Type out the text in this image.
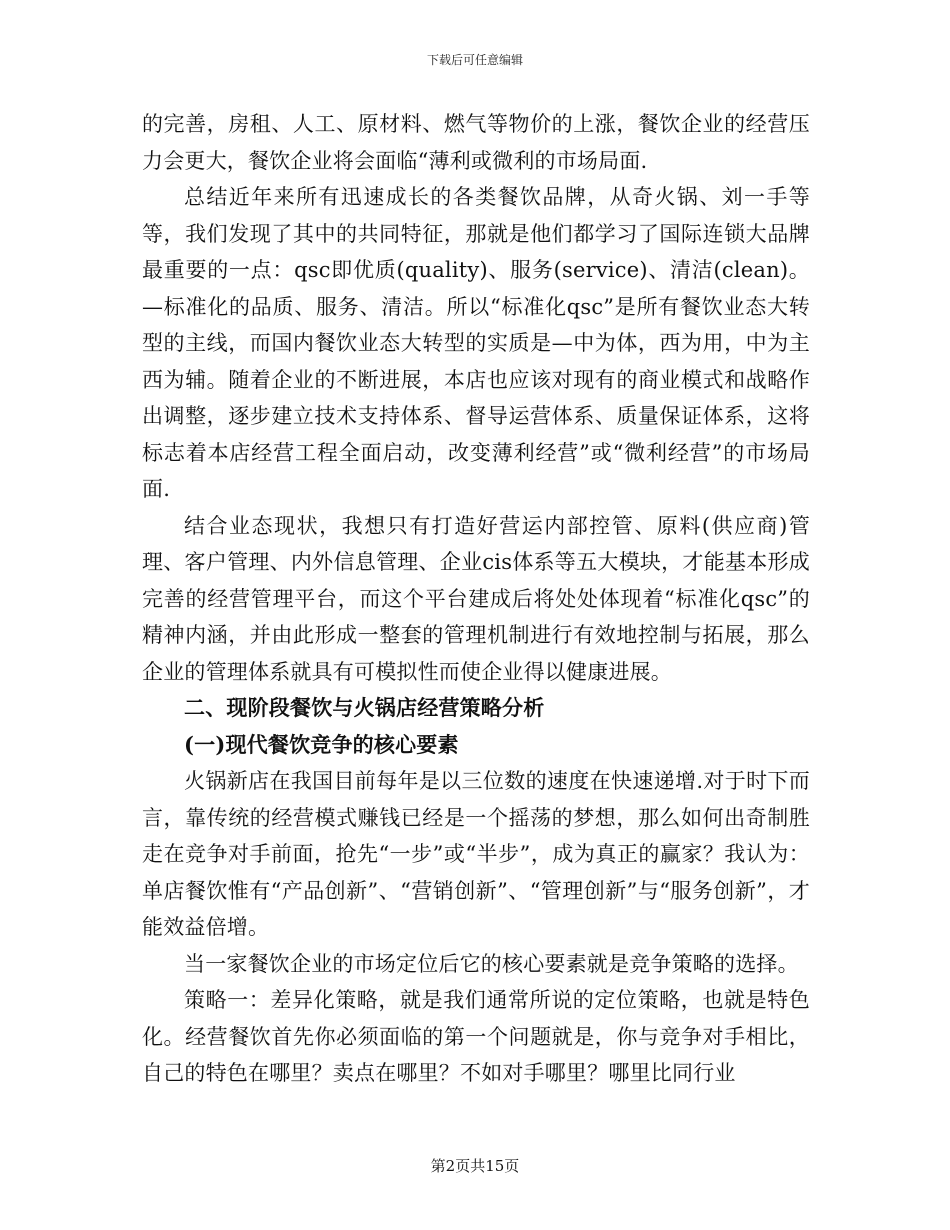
下载后可任意编辑

的完善，房租、人工、原材料、燃气等物价的上涨，餐饮企业的经营压力会更大，餐饮企业将会面临“薄利或微利的市场局面.

总结近年来所有迅速成长的各类餐饮品牌，从奇火锅、刘一手等等，我们发现了其中的共同特征，那就是他们都学习了国际连锁大品牌最重要的一点：qsc即优质(quality)、服务(service)、清洁(clean)。—标准化的品质、服务、清洁。所以“标准化qsc”是所有餐饮业态大转型的主线，而国内餐饮业态大转型的实质是—中为体，西为用，中为主西为辅。随着企业的不断进展，本店也应该对现有的商业模式和战略作出调整，逐步建立技术支持体系、督导运营体系、质量保证体系，这将标志着本店经营工程全面启动，改变薄利经营”或“微利经营”的市场局面.

结合业态现状，我想只有打造好营运内部控管、原料(供应商)管理、客户管理、内外信息管理、企业cis体系等五大模块，才能基本形成完善的经营管理平台，而这个平台建成后将处处体现着“标准化qsc”的精神内涵，并由此形成一整套的管理机制进行有效地控制与拓展，那么企业的管理体系就具有可模拟性而使企业得以健康进展。

二、现阶段餐饮与火锅店经营策略分析

(一)现代餐饮竞争的核心要素

火锅新店在我国目前每年是以三位数的速度在快速递增.对于时下而言，靠传统的经营模式赚钱已经是一个摇荡的梦想，那么如何出奇制胜走在竞争对手前面，抢先“一步”或“半步”，成为真正的赢家？我认为：单店餐饮惟有“产品创新”、“营销创新”、“管理创新”与“服务创新”，才能效益倍增。

当一家餐饮企业的市场定位后它的核心要素就是竞争策略的选择。

策略一：差异化策略，就是我们通常所说的定位策略，也就是特色化。经营餐饮首先你必须面临的第一个问题就是，你与竞争对手相比，自己的特色在哪里？卖点在哪里？不如对手哪里？哪里比同行业

第2页共15页
